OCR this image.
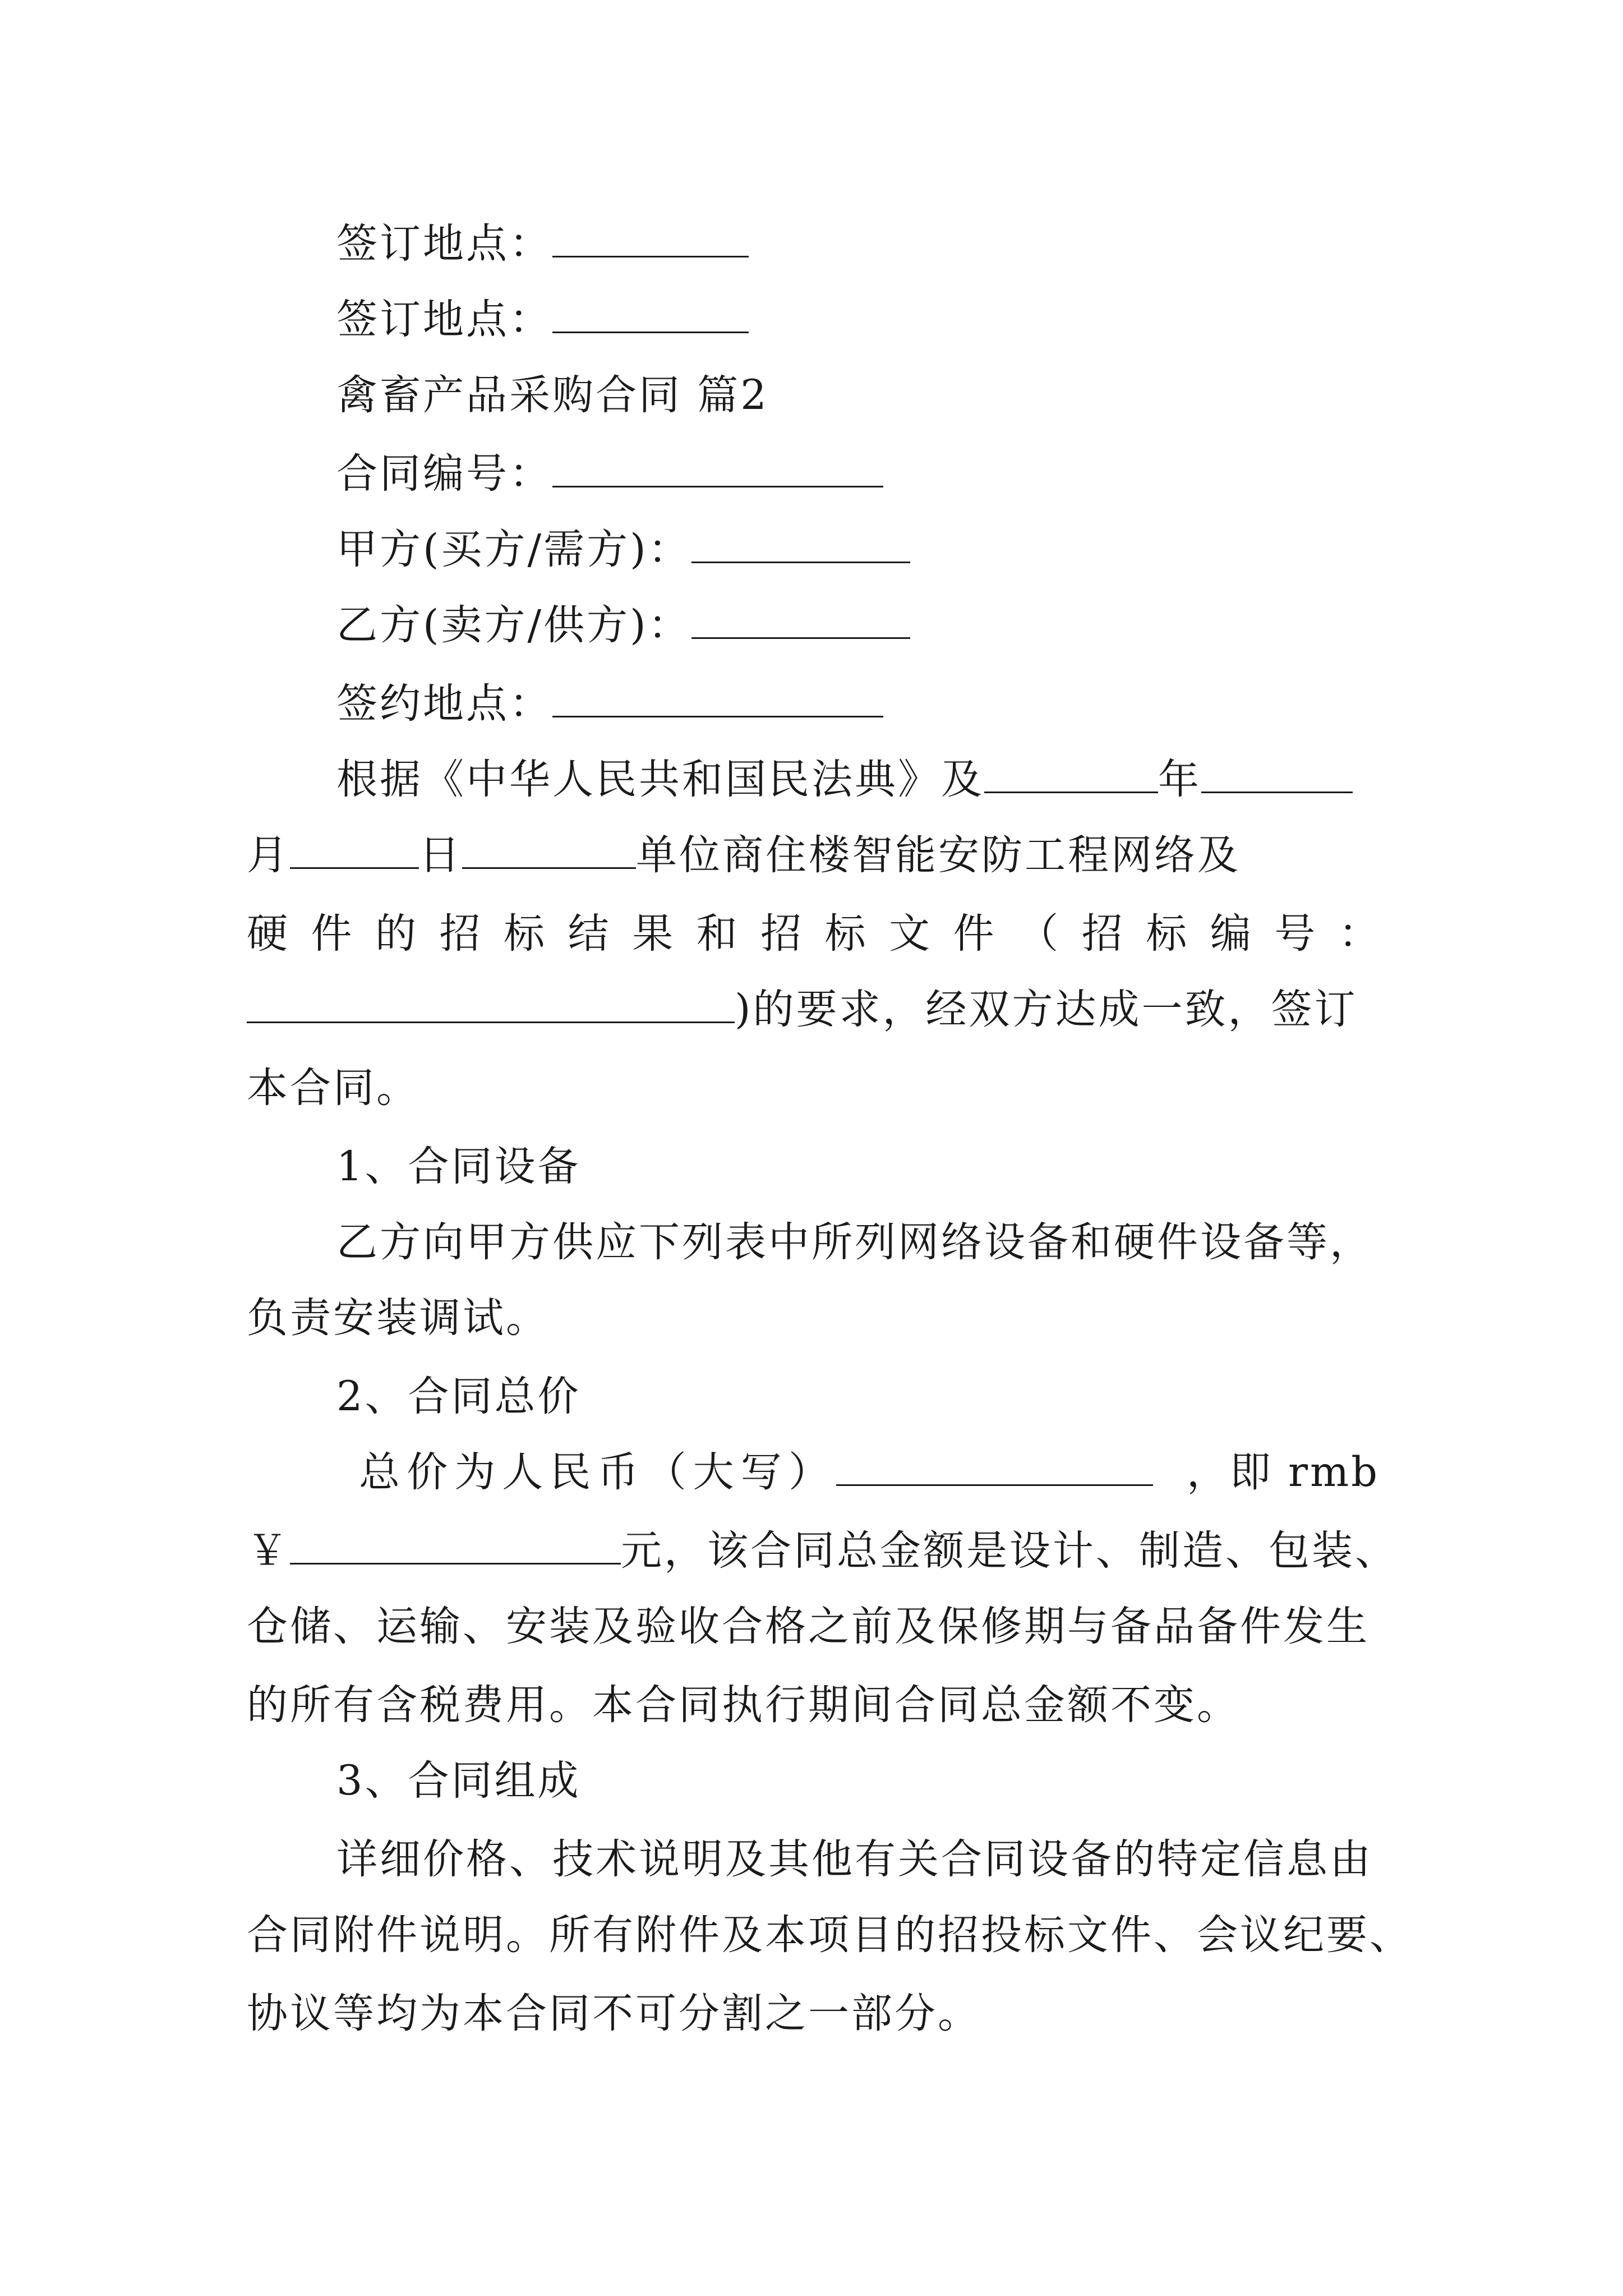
签订地点：
签订地点：
禽畜产品采购合同 篇2
合同编号：
甲方(买方/需方)：
乙方(卖方/供方)：
签约地点：
根据《中华人民共和国民法典》及	年
月	日	单位商住楼智能安防工程网络及
硬 件 的 招 标 结 果 和 招 标 文 件 （ 招 标 编 号 ：
)的要求，经双方达成一致，签订
本合同。
1、合同设备
乙方向甲方供应下列表中所列网络设备和硬件设备等，
负责安装调试。
2、合同总价
总 价 为 人 民 币 （ 大 写 ）	，即 rmb
￥	元，该合同总金额是设计、制造、包装、
仓储、运输、安装及验收合格之前及保修期与备品备件发生
的所有含税费用。本合同执行期间合同总金额不变。
3、合同组成
详细价格、技术说明及其他有关合同设备的特定信息由
合同附件说明。所有附件及本项目的招投标文件、会议纪要、
协议等均为本合同不可分割之一部分。
